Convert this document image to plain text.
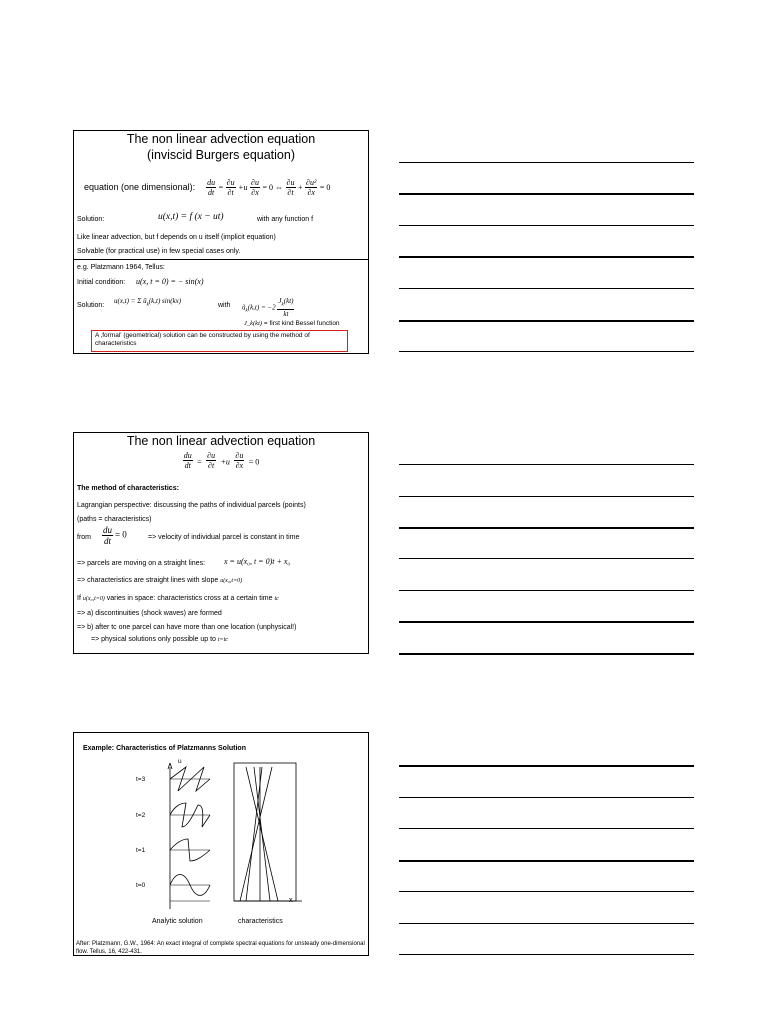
The non linear advection equation
(inviscid Burgers equation)
equation (one dimensional): $\frac{du}{dt} = \frac{\partial u}{\partial t} +u \frac{\partial u}{\partial x} = 0$ ⇔ $\frac{\partial u}{\partial t} + \frac{\text{∂u²}}{\partial x} = 0$
Solution:	u(x,t) = f (x − ut)	with any function f
Like linear advection, but f depends on u itself (implicit equation)
Solvable (for practical use) in few special cases only.
e.g. Platzmann 1964, Tellus:
Initial condition: u(x, t = 0) = − sin(x)
Solution:
u(x,t) = Σ $ũ_k(k,t)$ sin(kx)
with $ũ_k(k,t) = -2 \frac{J_k(kt)}{kt}$
J_k(kt) = first kind Bessel function
A ‚formal' (geometrical) solution can be constructed by using the method of characteristics
The non linear advection equation
$\frac{du}{dt} = \frac{\partial u}{\partial t} +u \frac{\partial u}{\partial x} = 0$
The method of characteristics:
Lagrangian perspective: discussing the paths of individual parcels (points)
(paths = characteristics)
from $\frac{du}{dt} = 0$	=> velocity of individual parcel is constant in time
=> parcels are moving on a straight lines: x = u(x₀, t = 0)t + x₀
=> characteristics are straight lines with slope u(x₀,t=0)
If u(x₀,t=0) varies in space: characteristics cross at a certain time tc
=> a) discontinuities (shock waves) are formed
=> b) after tc one parcel can have more than one location (unphysical!)
=> physical solutions only possible up to t=tc
Example: Characteristics of Platzmanns Solution
u
x
t=3
t=2
t=1
t=0
Analytic solution	characteristics
After: Platzmann, G.W., 1964: An exact integral of complete spectral equations for unsteady one-dimensional flow. Tellus, 16, 422-431.
